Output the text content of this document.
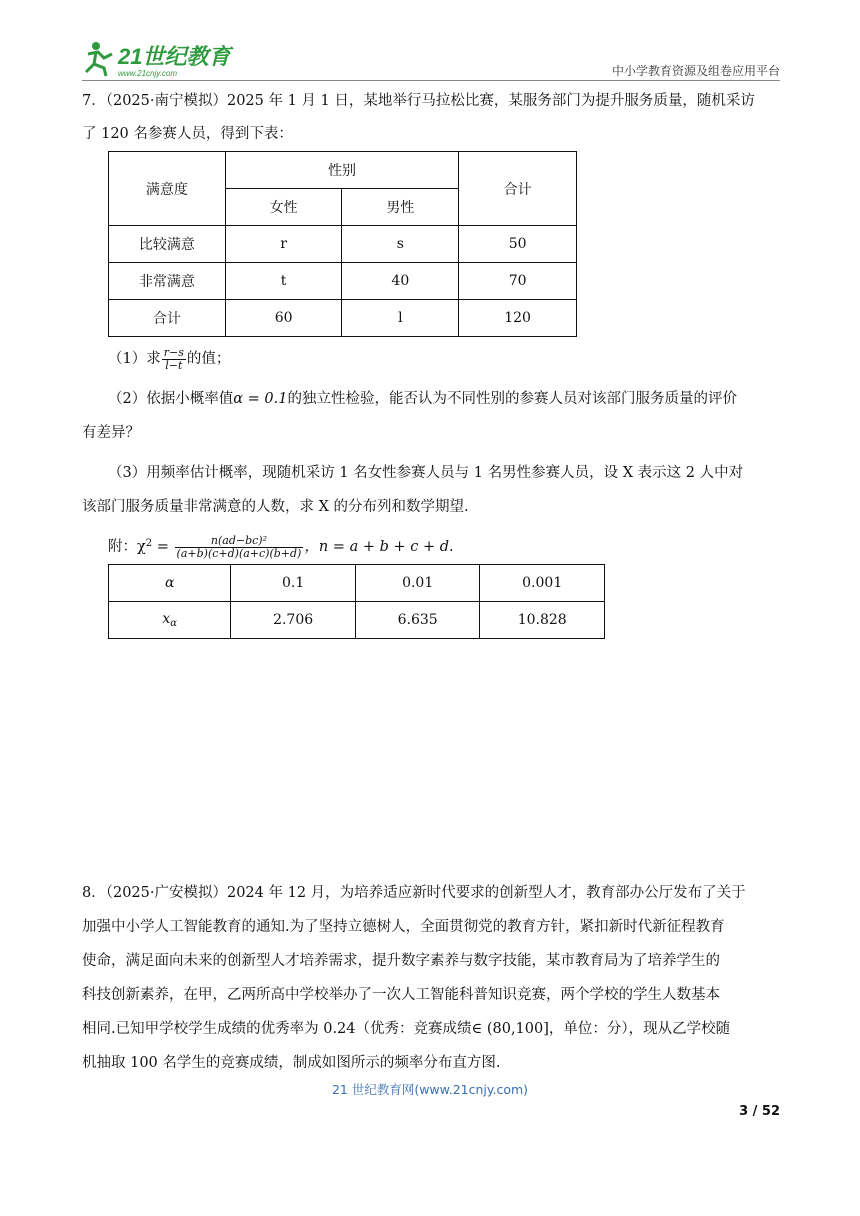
21世纪教育
www.21cnjy.com	中小学教育资源及组卷应用平台

7．（2025·南宁模拟）2025 年 1 月 1 日，某地举行马拉松比赛，某服务部门为提升服务质量，随机采访

了 120 名参赛人员，得到下表：

满意度	性别		合计
	女性	男性	
比较满意	r	s	50
非常满意	t	40	70
合计	60	l	120

（1）求 $\frac{r-s}{l-t}$ 的值；

（2）依据小概率值α = 0.1的独立性检验，能否认为不同性别的参赛人员对该部门服务质量的评价

有差异？

（3）用频率估计概率，现随机采访 1 名女性参赛人员与 1 名男性参赛人员，设 X 表示这 2 人中对

该部门服务质量非常满意的人数，求 X 的分布列和数学期望.

附：$\chi^2 = \frac{\text{n(ad−bc)²}}{(a+b)(c+d)(a+c)(b+d)}$ ，n = a + b + c + d.

α	0.1	0.01	0.001
$x_\alpha$	2.706	6.635	10.828

8．（2025·广安模拟）2024 年 12 月，为培养适应新时代要求的创新型人才，教育部办公厅发布了关于

加强中小学人工智能教育的通知.为了坚持立德树人，全面贯彻党的教育方针，紧扣新时代新征程教育

使命，满足面向未来的创新型人才培养需求，提升数字素养与数字技能，某市教育局为了培养学生的

科技创新素养，在甲，乙两所高中学校举办了一次人工智能科普知识竞赛，两个学校的学生人数基本

相同.已知甲学校学生成绩的优秀率为 0.24（优秀：竞赛成绩∈ (80,100]，单位：分），现从乙学校随

机抽取 100 名学生的竞赛成绩，制成如图所示的频率分布直方图.

21 世纪教育网(www.21cnjy.com)
3 / 52
